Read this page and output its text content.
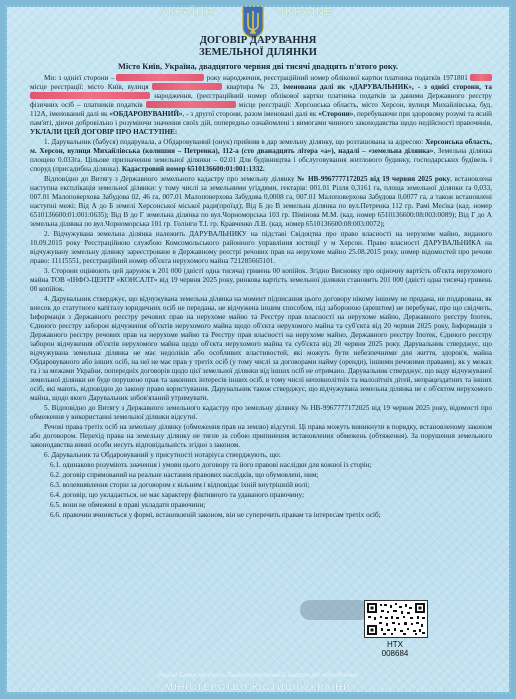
УКРАЇНА	UKRAINE
ДОГОВІР ДАРУВАННЯ
ЗЕМЕЛЬНОЇ ДІЛЯНКИ
Місто Київ, Україна, двадцятого червня дві тисячі двадцять п'ятого року.

Ми: з однієї сторони –	року народження, реєстраційний номер облікової картки платника податків 1971801  місце реєстрації: місто Київ, вулиця	квартира № 23, іменована далі як «ДАРУВАЛЬНИК», - з однієї сторони, та  народження, (реєстраційний номер облікової картки платника податків за даними Державного реєстру фізичних осіб – платників податків	місце реєстрації: Херсонська область, місто Херсон, вулиця Михайлівська, буд. 112А, іменований далі як «ОБДАРОВУВАНИЙ», - з другої сторони, разом іменовані далі як «Сторони», перебуваючи при здоровому розумі та ясній пам'яті, діючи добровільно і розуміючи значення своїх дій, попередньо ознайомлені з вимогами чинного законодавства щодо недійсності правочинів, УКЛАЛИ ЦЕЙ ДОГОВІР ПРО НАСТУПНЕ:

1. Дарувальник (бабуся) подарувала, а Обдаровуваний (онук) прийняв в дар земельну ділянку, що розташована за адресою: Херсонська область, м. Херсон, вулиця Михайлівська (колишня – Петренка), 112-а (сто дванадцять літера «а»), надалі – «земельна ділянка», Земельна ділянка площею 0.033га. Цільове призначення земельної ділянки – 02.01 Для будівництва і обслуговування житлового будинку, господарських будівель і споруд (присадибна ділянка). Кадастровий номер 6510136600:01:001:1332.

Відповідно до Витягу з Державного земельного кадастру про земельну ділянку № НВ-9967777172025 від 19 червня 2025 року, встановлена наступна експлікація земельної ділянки: у тому числі за земельними угіддями, гектарів: 001.01 Рілля 0,3161 га, площа земельної ділянки га 0,033, 007.01 Малоповерхова Забудова 02, 46 га, 007.01 Малоповерхова Забудова 0,0008 га, 007.01 Малоповерхова Забудова 0,0077 га, а також встановлені наступні межі: Від А до Б земелі Херсонської міської ради(проїзд); Від Б до В земельна ділянка по вул.Петренка 112 гр. Рамі Месіка (кад. номер 6510136600:01:001:0635); Від В до Г земельна ділянка по вул.Чорноморська 103 гр. Пімінова М.М. (кад. номер 6510136600:08:003:0089); Від Г до А земельна ділянка по вул.Чорноморська 101 гр. Голінги Т.І. гр. Кравченко Л.В. (кад. номер 6510136600:08:003:0072);

2. Відчужувана земельна ділянка належить ДАРУВАЛЬНИКУ на підставі Свідоцтва про право власності на нерухоме майно, виданого 10.09.2015 року Реєстраційною службою Комсомольського районного управління юстиції у м Херсон. Право власності ДАРУВАЛЬНИКА на відчужувану земельну ділянку зареєстроване в Державному реєстрі речових прав на нерухоме майно 25.08.2015 року, номер відомостей про речове право: 11115551, реєстраційний номер об'єкта нерухомого майна 721285665101.

3. Сторони оцінюють цей дарунок в 201 000 (двісті одна тисяча) гривень 00 копійок. Згідно Висновку про оціночну вартість об'єкта нерухомого майна ТОВ «ІНФО-ЦЕНТР «КОНСАЛТ» від 19 червня 2025 року, ринкова вартість земельної ділянки становить 201 000 (двісті одна тисяча) гривень 00 копійок.

4. Дарувальник стверджує, що відчужувана земельна ділянка на момент підписання цього договору нікому іншому не продана, не подарована, як внесок до статутного капіталу юридичних осіб не передана, не відчужена іншим способом, під забороною (арештом) не перебуває, про що свідчить, Інформація з Державного реєстру речових прав на нерухоме майно та Реєстру прав власності на нерухоме майно, Державного реєстру Іпотек, Єдиного реєстру заборон відчуження об'єктів нерухомого майна щодо об'єкта нерухомого майна та суб'єкта від 20 червня 2025 року, Інформація з Державного реєстру речових прав на нерухоме майно та Реєстру прав власності на нерухоме майно, Державного реєстру Іпотек, Єдиного реєстру заборон відчуження об'єктів нерухомого майна щодо об'єкта нерухомого майна та суб'єкта від 20 червня 2025 року. Дарувальник стверджує, що відчужувана земельна ділянка не має недоліків або особливих властивостей, які можуть бути небезпечними для життя, здоров'я, майна Обдаровуваного або інших осіб, на неї не має прав у третіх осіб (у тому числі за договорами найму (оренди), іншими речовими правами), як у межах та і за межами України, попередніх договорів щодо цієї земельної ділянки від інших осіб не отримано. Дарувальник стверджує, що ваду відчужуваної земельної ділянки не буде порушено прав та законних інтересів інших осіб, в тому числі неповнолітніх та малолітніх дітей, непрацездатних та інших осіб, які мають, відповідно до закону право користування. Дарувальник також стверджує, що відчужувана земельна ділянка не є об'єктом нерухомого майна, щодо якого Дарувальник зобов'язаний утримувати.

5. Відповідно до Витягу з Державного земельного кадастру про земельну ділянку № НВ-9967777172025 від 19 червня 2025 року, відомості про обмеження у використанні земельної ділянки відсутні.

Речові права третіх осіб на земельну ділянку (обмеження прав на землю) відсутні. Ці права можуть виникнути в порядку, встановленому законом або договором. Перехід права на земельну ділянку не тягне за собою припинення встановлених обмежень (обтяження). За порушення земельного законодавства винні особи несуть відповідальність згідно з законом.

6. Дарувальник та Обдаровуваний у присутності нотаріуса стверджують, що:

6.1. одинаково розуміють значення і умови цього договору та його правові наслідки для кожної із сторін;

6.2. договір спрямований на реальне настання правових наслідків, що обумовлені, ним;

6.3. волевиявлення сторін за договором є вільним і відповідає їхній внутрішній волі;

6.4. договір, що укладається, не має характеру фіктивного та удаваного правочину;

6.5. вони не обмежені в праві укладати правочини;

6.6. правочин вчиняється у формі, встановленій законом, він не суперечить правам та інтересам третіх осіб;

НТХ
008684
Увага! Бланк містить багатоступеневий захист від підроблення
МІНІСТЕРСТВО ЮСТИЦІЇ УКРАЇНИ
